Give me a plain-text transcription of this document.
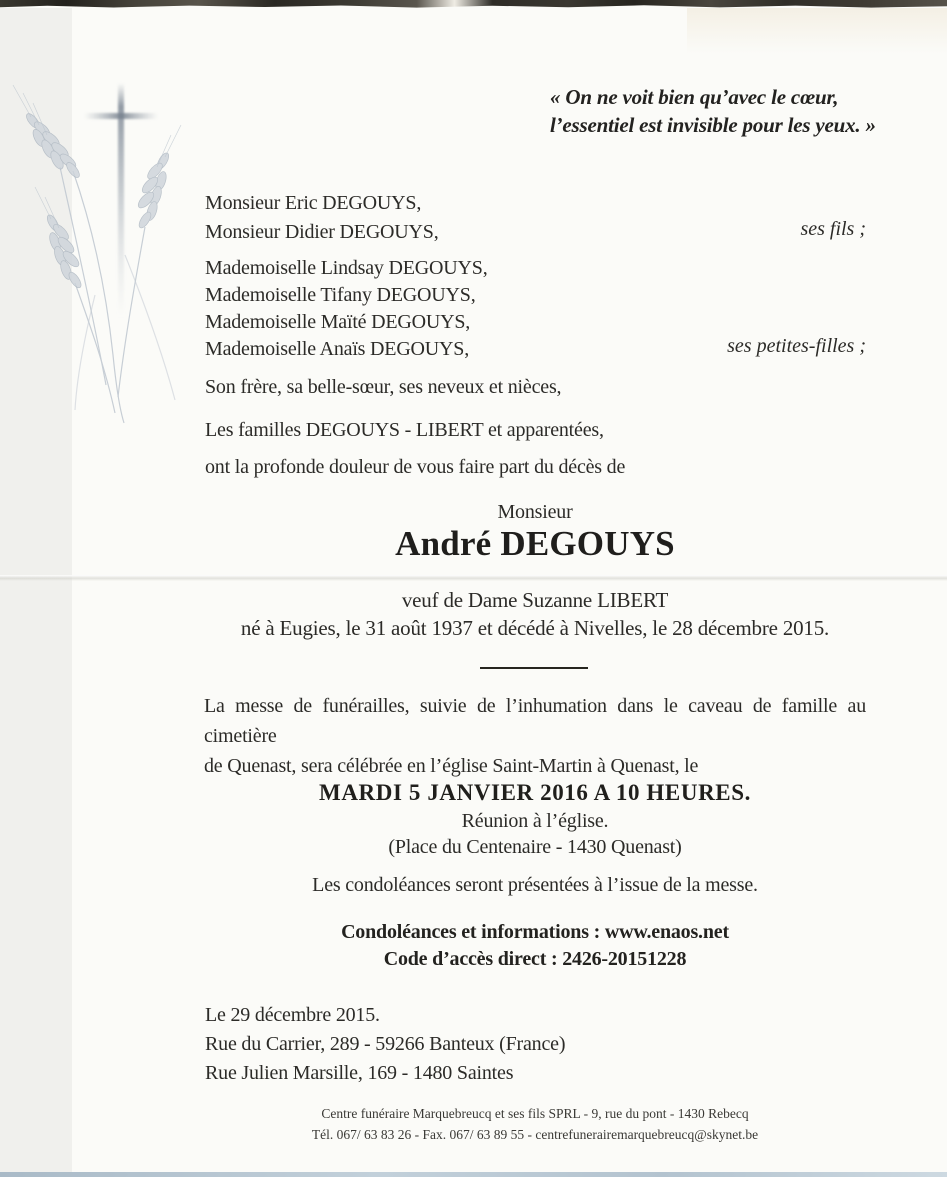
« On ne voit bien qu’avec le cœur,
l’essentiel est invisible pour les yeux. »
Monsieur Eric DEGOUYS,
Monsieur Didier DEGOUYS,	ses fils ;
Mademoiselle Lindsay DEGOUYS,
Mademoiselle Tifany DEGOUYS,
Mademoiselle Maïté DEGOUYS,
Mademoiselle Anaïs DEGOUYS,	ses petites-filles ;
Son frère, sa belle-sœur, ses neveux et nièces,
Les familles DEGOUYS - LIBERT et apparentées,
ont la profonde douleur de vous faire part du décès de
Monsieur
André DEGOUYS
veuf de Dame Suzanne LIBERT
né à Eugies, le 31 août 1937 et décédé à Nivelles, le 28 décembre 2015.
La messe de funérailles, suivie de l’inhumation dans le caveau de famille au cimetière
de Quenast, sera célébrée en l’église Saint-Martin à Quenast, le
MARDI 5 JANVIER 2016 A 10 HEURES.
Réunion à l’église.
(Place du Centenaire - 1430 Quenast)
Les condoléances seront présentées à l’issue de la messe.
Condoléances et informations : www.enaos.net
Code d’accès direct : 2426-20151228
Le 29 décembre 2015.
Rue du Carrier, 289 - 59266 Banteux (France)
Rue Julien Marsille, 169 - 1480 Saintes
Centre funéraire Marquebreucq et ses fils SPRL - 9, rue du pont - 1430 Rebecq
Tél. 067/ 63 83 26 - Fax. 067/ 63 89 55 - centrefunerairemarquebreucq@skynet.be
